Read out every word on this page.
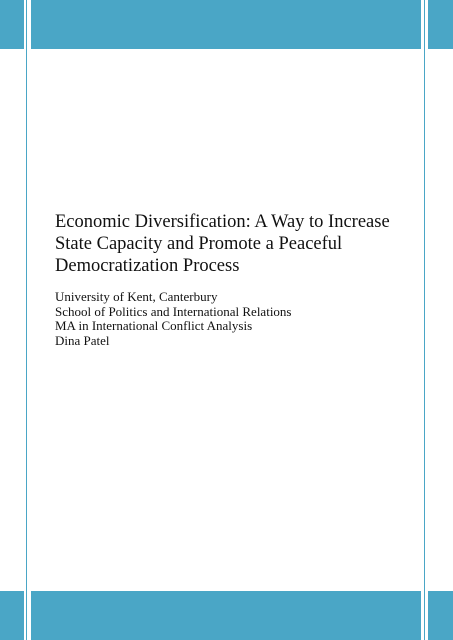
Economic Diversification: A Way to Increase
State Capacity and Promote a Peaceful
Democratization Process
University of Kent, Canterbury
School of Politics and International Relations
MA in International Conflict Analysis
Dina Patel
